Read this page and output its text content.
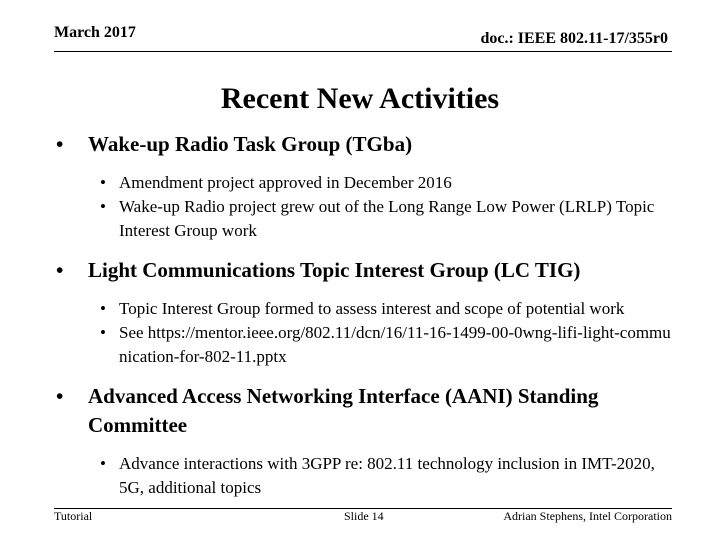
March 2017	doc.: IEEE 802.11-17/355r0
Recent New Activities
• Wake-up Radio Task Group (TGba)
• Amendment project approved in December 2016
• Wake-up Radio project grew out of the Long Range Low Power (LRLP) Topic Interest Group work
• Light Communications Topic Interest Group (LC TIG)
• Topic Interest Group formed to assess interest and scope of potential work
• See https://mentor.ieee.org/802.11/dcn/16/11-16-1499-00-0wng-lifi-light-communication-for-802-11.pptx
• Advanced Access Networking Interface (AANI) Standing Committee
• Advance interactions with 3GPP re: 802.11 technology inclusion in IMT-2020, 5G, additional topics
Tutorial	Slide 14	Adrian Stephens, Intel Corporation
